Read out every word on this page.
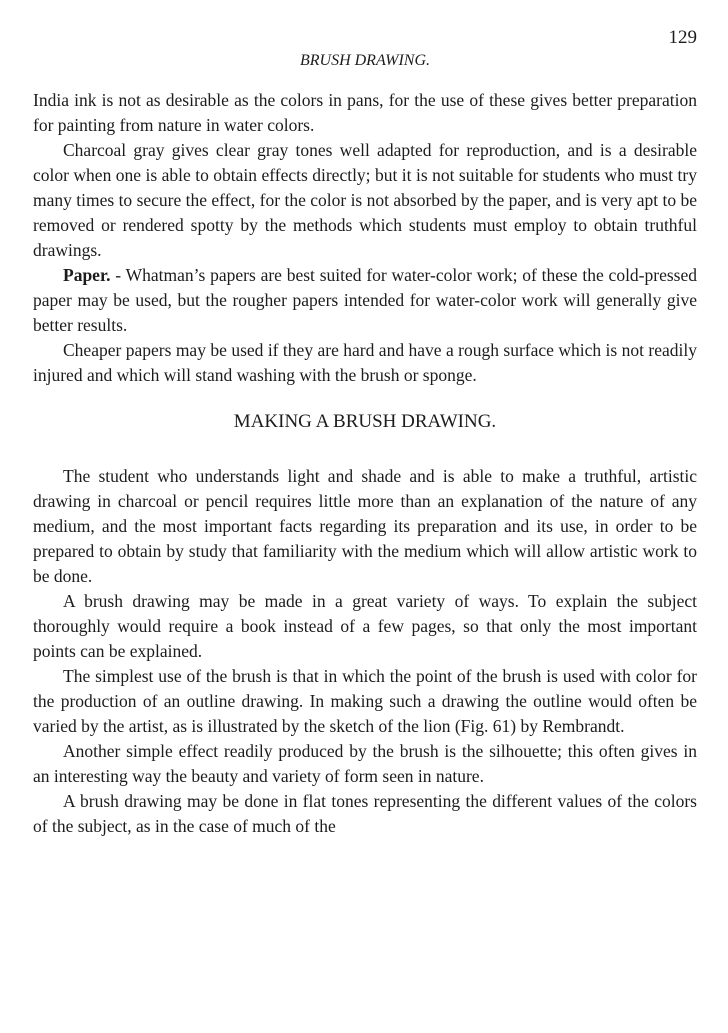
129
BRUSH DRAWING.

India ink is not as desirable as the colors in pans, for the use of these gives better preparation for painting from nature in water colors.

Charcoal gray gives clear gray tones well adapted for reproduction, and is a desirable color when one is able to obtain effects directly; but it is not suitable for students who must try many times to secure the effect, for the color is not absorbed by the paper, and is very apt to be removed or rendered spotty by the methods which students must employ to obtain truthful drawings.

Paper. - Whatman’s papers are best suited for water-color work; of these the cold-pressed paper may be used, but the rougher papers intended for water-color work will generally give better results.

Cheaper papers may be used if they are hard and have a rough surface which is not readily injured and which will stand washing with the brush or sponge.

MAKING A BRUSH DRAWING.

The student who understands light and shade and is able to make a truthful, artistic drawing in charcoal or pencil requires little more than an explanation of the nature of any medium, and the most important facts regarding its preparation and its use, in order to be prepared to obtain by study that familiarity with the medium which will allow artistic work to be done.

A brush drawing may be made in a great variety of ways. To explain the subject thoroughly would require a book instead of a few pages, so that only the most important points can be explained.

The simplest use of the brush is that in which the point of the brush is used with color for the production of an outline drawing. In making such a drawing the outline would often be varied by the artist, as is illustrated by the sketch of the lion (Fig. 61) by Rembrandt.

Another simple effect readily produced by the brush is the silhouette; this often gives in an interesting way the beauty and variety of form seen in nature.

A brush drawing may be done in flat tones representing the different values of the colors of the subject, as in the case of much of the
